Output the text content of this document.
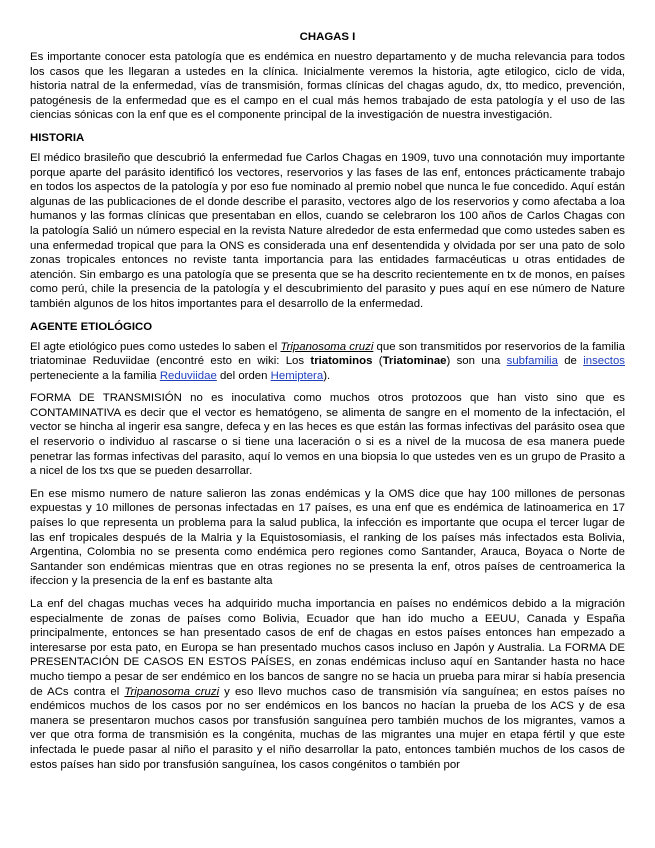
CHAGAS I

Es importante conocer esta patología que es endémica en nuestro departamento y de mucha relevancia para todos los casos que les llegaran a ustedes en la clínica. Inicialmente veremos la historia, agte etilogico, ciclo de vida, historia natral de la enfermedad, vías de transmisión, formas clínicas del chagas agudo, dx, tto medico, prevención, patogénesis de la enfermedad que es el campo en el cual más hemos trabajado de esta patología y el uso de las ciencias sónicas con la enf que es el componente principal de la investigación de nuestra investigación.

HISTORIA

El médico brasileño que descubrió la enfermedad fue Carlos Chagas en 1909, tuvo una connotación muy importante porque aparte del parásito identificó los vectores, reservorios y las fases de las enf, entonces prácticamente trabajo en todos los aspectos de la patología y por eso fue nominado al premio nobel que nunca le fue concedido. Aquí están algunas de las publicaciones de el donde describe el parasito, vectores algo de los reservorios y como afectaba a loa humanos y las formas clínicas que presentaban en ellos, cuando se celebraron los 100 años de Carlos Chagas con la patología Salió un número especial en la revista Nature alrededor de esta enfermedad que como ustedes saben es una enfermedad tropical que para la ONS es considerada una enf desentendida y olvidada por ser una pato de solo zonas tropicales entonces no reviste tanta importancia para las entidades farmacéuticas u otras entidades de atención. Sin embargo es una patología que se presenta que se ha descrito recientemente en tx de monos, en países como perú, chile la presencia de la patología y el descubrimiento del parasito y pues aquí en ese número de Nature también algunos de los hitos importantes para el desarrollo de la enfermedad.

AGENTE ETIOLÓGICO

El agte etiológico pues como ustedes lo saben el Tripanosoma cruzi que son transmitidos por reservorios de la familia triatominae Reduviidae (encontré esto en wiki: Los triatominos (Triatominae) son una subfamilia de insectos perteneciente a la familia Reduviidae del orden Hemiptera).

FORMA DE TRANSMISIÓN no es inoculativa como muchos otros protozoos que han visto sino que es CONTAMINATIVA es decir que el vector es hematógeno, se alimenta de sangre en el momento de la infectación, el vector se hincha al ingerir esa sangre, defeca y en las heces es que están las formas infectivas del parásito osea que el reservorio o individuo al rascarse o si tiene una laceración o si es a nivel de la mucosa de esa manera puede penetrar las formas infectivas del parasito, aquí lo vemos en una biopsia lo que ustedes ven es un grupo de Prasito a a nicel de los txs que se pueden desarrollar.

En ese mismo numero de nature salieron las zonas endémicas y la OMS dice que hay 100 millones de personas expuestas y 10 millones de personas infectadas en 17 países, es una enf que es endémica de latinoamerica en 17 países lo que representa un problema para la salud publica, la infección es importante que ocupa el tercer lugar de las enf tropicales después de la Malria y la Equistosomiasis, el ranking de los países más infectados esta Bolivia, Argentina, Colombia no se presenta como endémica pero regiones como Santander, Arauca, Boyaca o Norte de Santander son endémicas mientras que en otras regiones no se presenta la enf, otros países de centroamerica la ifeccion y la presencia de la enf es bastante alta

La enf del chagas muchas veces ha adquirido mucha importancia en países no endémicos debido a la migración especialmente de zonas de países como Bolivia, Ecuador que han ido mucho a EEUU, Canada y España principalmente, entonces se han presentado casos de enf de chagas en estos países entonces han empezado a interesarse por esta pato, en Europa se han presentado muchos casos incluso en Japón y Australia. La FORMA DE PRESENTACIÓN DE CASOS EN ESTOS PAÍSES, en zonas endémicas incluso aquí en Santander hasta no hace mucho tiempo a pesar de ser endémico en los bancos de sangre no se hacia un prueba para mirar si había presencia de ACs contra el Tripanosoma cruzi y eso llevo muchos caso de transmisión vía sanguínea; en estos países no endémicos muchos de los casos por no ser endémicos en los bancos no hacían la prueba de los ACS y de esa manera se presentaron muchos casos por transfusión sanguínea pero también muchos de los migrantes, vamos a ver que otra forma de transmisión es la congénita, muchas de las migrantes una mujer en etapa fértil y que este infectada le puede pasar al niño el parasito y el niño desarrollar la pato, entonces también muchos de los casos de estos países han sido por transfusión sanguínea, los casos congénitos o también por
